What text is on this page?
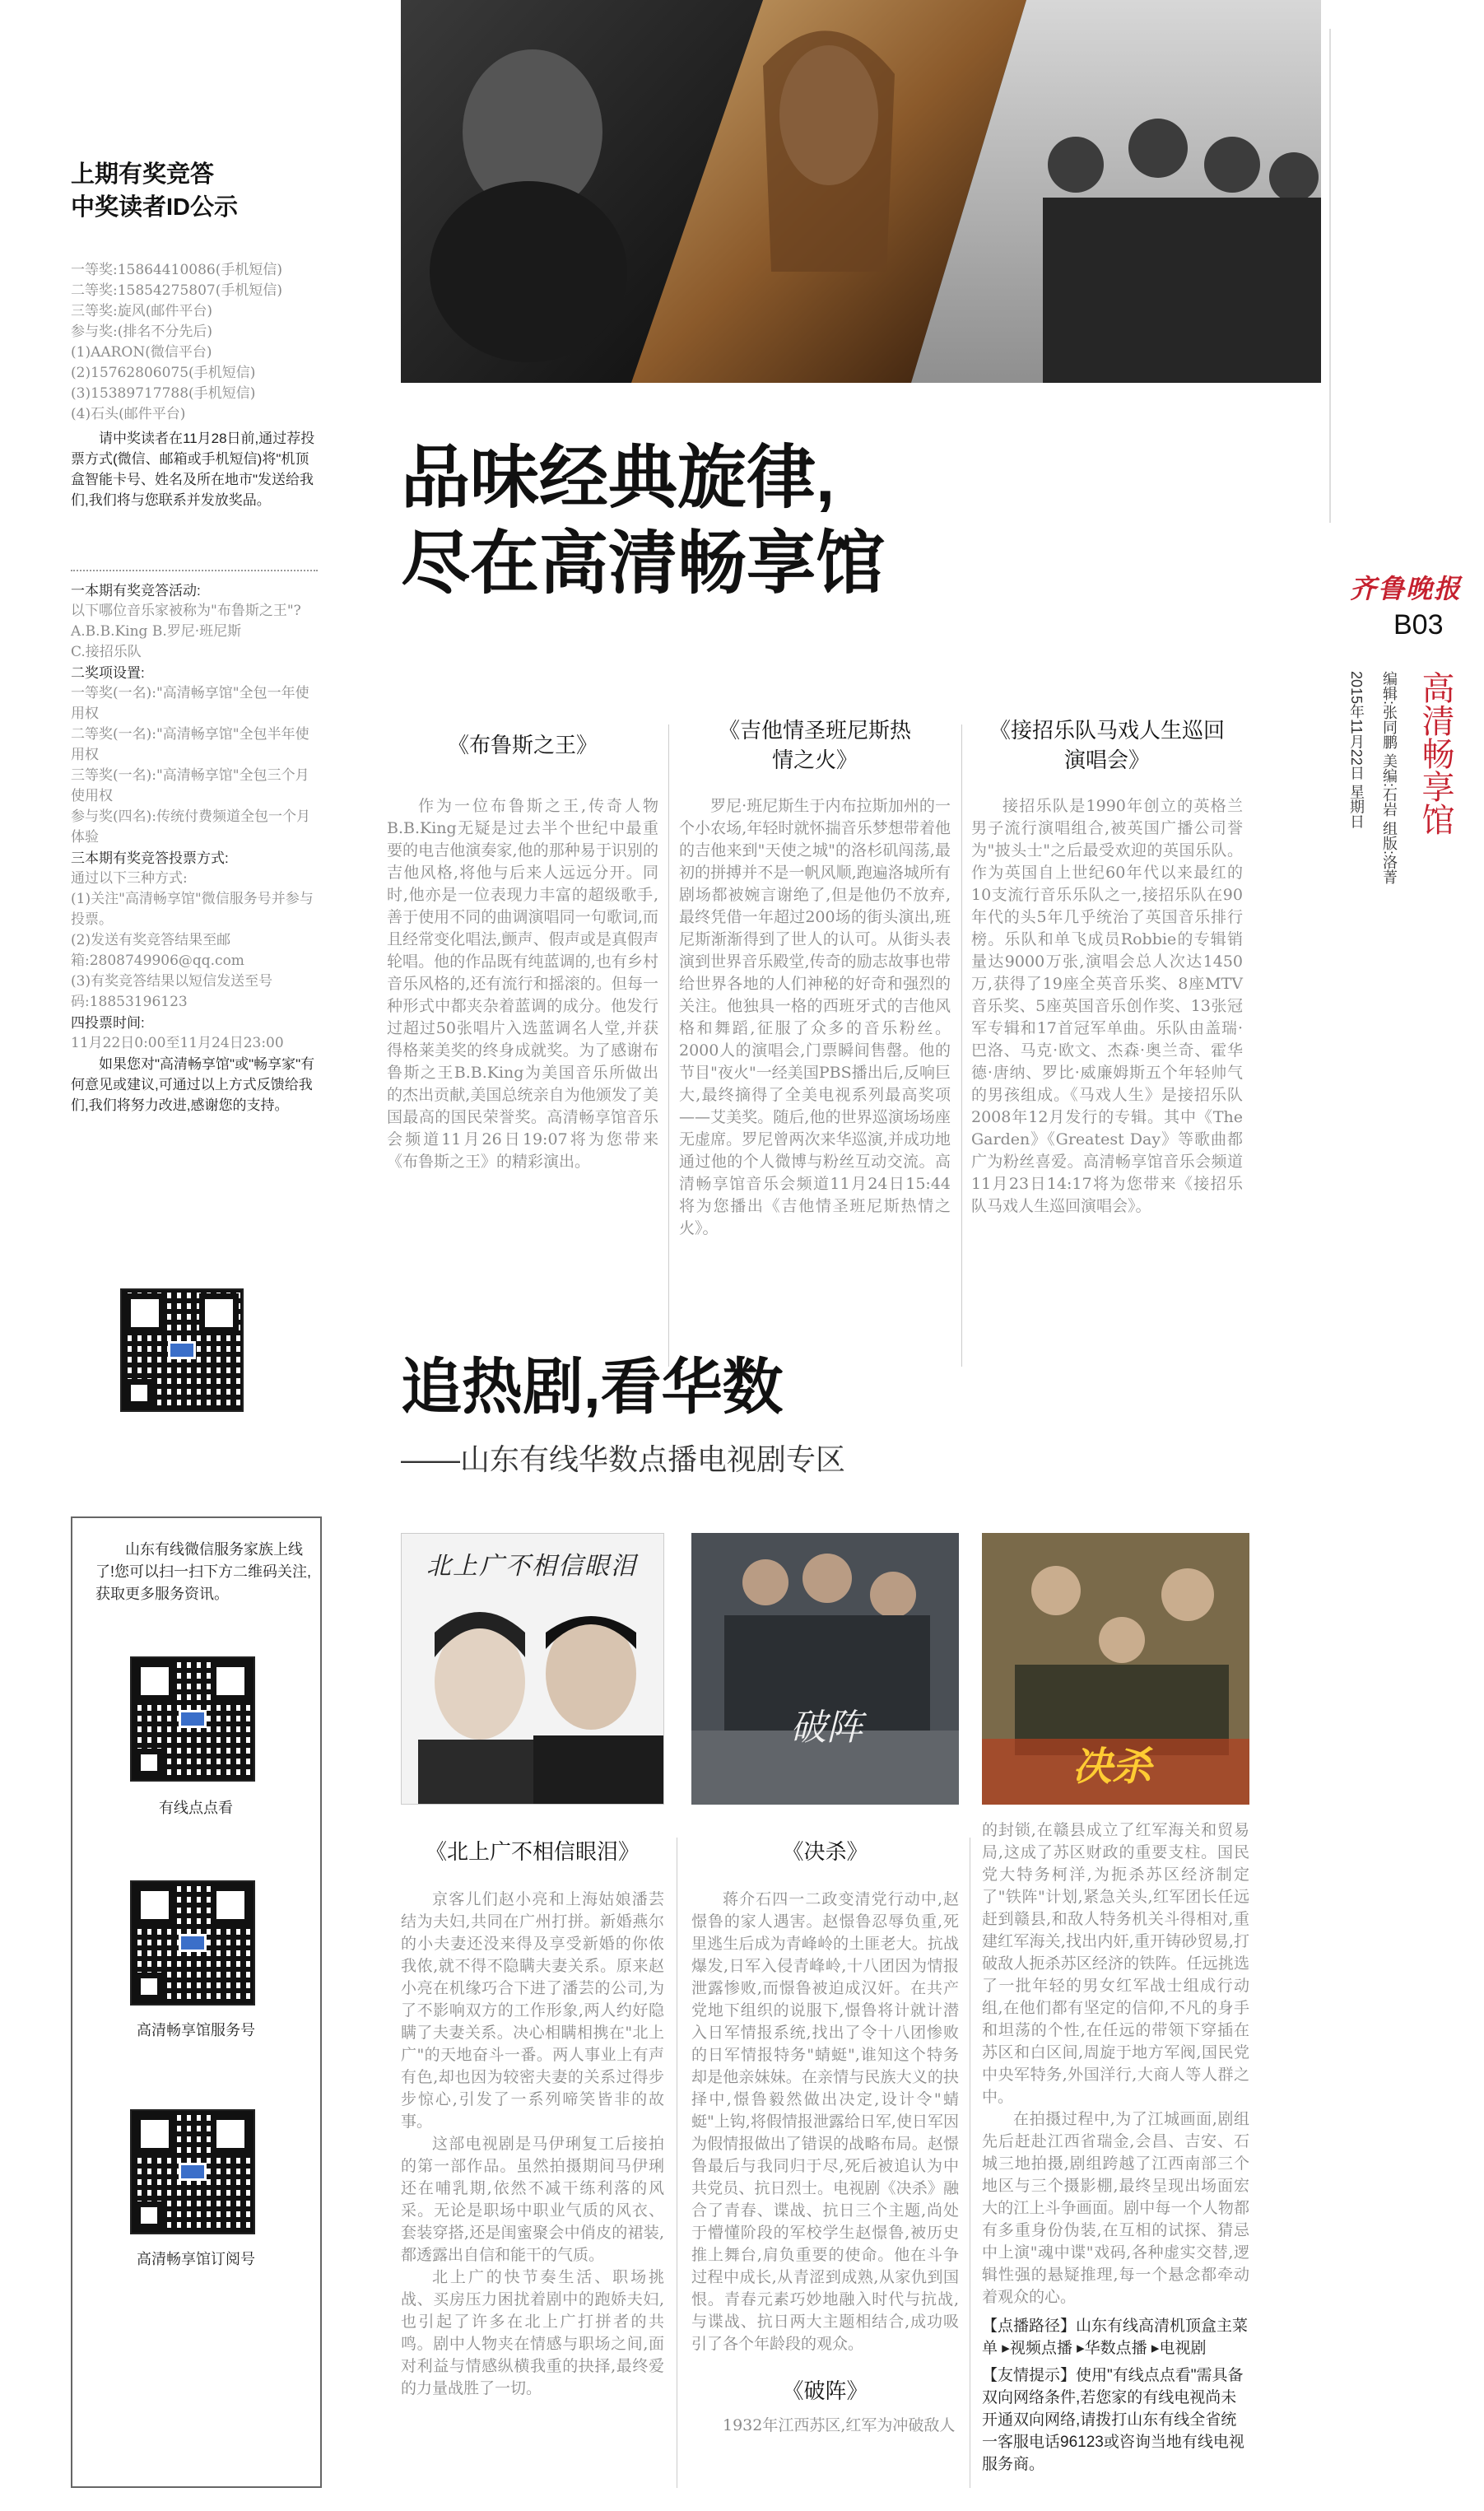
上期有奖竞答
中奖读者ID公示
一等奖:15864410086(手机短信)
二等奖:15854275807(手机短信)
三等奖:旋风(邮件平台)
参与奖:(排名不分先后)
(1)AARON(微信平台)
(2)15762806075(手机短信)
(3)15389717788(手机短信)
(4)石头(邮件平台)
请中奖读者在11月28日前,通过荐投票方式(微信、邮箱或手机短信)将"机顶盒智能卡号、姓名及所在地市"发送给我们,我们将与您联系并发放奖品。
一本期有奖竞答活动:
以下哪位音乐家被称为"布鲁斯之王"?
A.B.B.King B.罗尼·班尼斯
C.接招乐队
二奖项设置:
一等奖(一名):"高清畅享馆"全包一年使用权
二等奖(一名):"高清畅享馆"全包半年使用权
三等奖(一名):"高清畅享馆"全包三个月使用权
参与奖(四名):传统付费频道全包一个月体验
三本期有奖竞答投票方式:
通过以下三种方式:
(1)关注"高清畅享馆"微信服务号并参与投票。
(2)发送有奖竞答结果至邮箱:2808749906@qq.com
(3)有奖竞答结果以短信发送至号码:18853196123
四投票时间:
11月22日0:00至11月24日23:00
如果您对"高清畅享馆"或"畅享家"有何意见或建议,可通过以上方式反馈给我们,我们将努力改进,感谢您的支持。
山东有线微信服务家族上线了!您可以扫一扫下方二维码关注,获取更多服务资讯。
有线点点看
高清畅享馆服务号
高清畅享馆订阅号
齐鲁晚报
B03
高清畅享馆
2015年11月22日 星期日 编辑:张同鹏 美编:石岩 组版:洛菁
品味经典旋律,
尽在高清畅享馆
《布鲁斯之王》
作为一位布鲁斯之王,传奇人物B.B.King无疑是过去半个世纪中最重要的电吉他演奏家,他的那种易于识别的吉他风格,将他与后来人远远分开。同时,他亦是一位表现力丰富的超级歌手,善于使用不同的曲调演唱同一句歌词,而且经常变化唱法,颤声、假声或是真假声轮唱。他的作品既有纯蓝调的,也有乡村音乐风格的,还有流行和摇滚的。但每一种形式中都夹杂着蓝调的成分。他发行过超过50张唱片入选蓝调名人堂,并获得格莱美奖的终身成就奖。为了感谢布鲁斯之王B.B.King为美国音乐所做出的杰出贡献,美国总统亲自为他颁发了美国最高的国民荣誉奖。高清畅享馆音乐会频道11月26日19:07将为您带来《布鲁斯之王》的精彩演出。
《吉他情圣班尼斯热情之火》
罗尼·班尼斯生于内布拉斯加州的一个小农场,年轻时就怀揣音乐梦想带着他的吉他来到"天使之城"的洛杉矶闯荡,最初的拼搏并不是一帆风顺,跑遍洛城所有剧场都被婉言谢绝了,但是他仍不放弃,最终凭借一年超过200场的街头演出,班尼斯渐渐得到了世人的认可。从街头表演到世界音乐殿堂,传奇的励志故事也带给世界各地的人们神秘的好奇和强烈的关注。他独具一格的西班牙式的吉他风格和舞蹈,征服了众多的音乐粉丝。2000人的演唱会,门票瞬间售罄。他的节目"夜火"一经美国PBS播出后,反响巨大,最终摘得了全美电视系列最高奖项——艾美奖。随后,他的世界巡演场场座无虚席。罗尼曾两次来华巡演,并成功地通过他的个人微博与粉丝互动交流。高清畅享馆音乐会频道11月24日15:44将为您播出《吉他情圣班尼斯热情之火》。
《接招乐队马戏人生巡回演唱会》
接招乐队是1990年创立的英格兰男子流行演唱组合,被英国广播公司誉为"披头士"之后最受欢迎的英国乐队。作为英国自上世纪60年代以来最红的10支流行音乐乐队之一,接招乐队在90年代的头5年几乎统治了英国音乐排行榜。乐队和单飞成员Robbie的专辑销量达9000万张,演唱会总人次达1450万,获得了19座全英音乐奖、8座MTV音乐奖、5座英国音乐创作奖、13张冠军专辑和17首冠军单曲。乐队由盖瑞·巴洛、马克·欧文、杰森·奥兰奇、霍华德·唐纳、罗比·威廉姆斯五个年轻帅气的男孩组成。《马戏人生》是接招乐队2008年12月发行的专辑。其中《The Garden》《Greatest Day》等歌曲都广为粉丝喜爱。高清畅享馆音乐会频道11月23日14:17将为您带来《接招乐队马戏人生巡回演唱会》。
追热剧,看华数
——山东有线华数点播电视剧专区
北上广不相信眼泪
破阵
决杀
《北上广不相信眼泪》
京客儿们赵小亮和上海姑娘潘芸结为夫妇,共同在广州打拼。新婚燕尔的小夫妻还没来得及享受新婚的你侬我侬,就不得不隐瞒夫妻关系。原来赵小亮在机缘巧合下进了潘芸的公司,为了不影响双方的工作形象,两人约好隐瞒了夫妻关系。决心相瞒相携在"北上广"的天地奋斗一番。两人事业上有声有色,却也因为较密夫妻的关系过得步步惊心,引发了一系列啼笑皆非的故事。
这部电视剧是马伊琍复工后接拍的第一部作品。虽然拍摄期间马伊琍还在哺乳期,依然不减干练利落的风采。无论是职场中职业气质的风衣、套装穿搭,还是闺蜜聚会中俏皮的裙装,都透露出自信和能干的气质。
北上广的快节奏生活、职场挑战、买房压力困扰着剧中的跑娇夫妇,也引起了许多在北上广打拼者的共鸣。剧中人物夹在情感与职场之间,面对利益与情感纵横我重的抉择,最终爱的力量战胜了一切。
《决杀》
蒋介石四一二政变清党行动中,赵憬鲁的家人遇害。赵憬鲁忍辱负重,死里逃生后成为青峰岭的土匪老大。抗战爆发,日军入侵青峰岭,十八团因为情报泄露惨败,而憬鲁被迫成汉奸。在共产党地下组织的说服下,憬鲁将计就计潜入日军情报系统,找出了令十八团惨败的日军情报特务"蜻蜓",谁知这个特务却是他亲妹妹。在亲情与民族大义的抉择中,憬鲁毅然做出决定,设计令"蜻蜓"上钩,将假情报泄露给日军,使日军因为假情报做出了错误的战略布局。赵憬鲁最后与我同归于尽,死后被追认为中共党员、抗日烈士。电视剧《决杀》融合了青春、谍战、抗日三个主题,尚处于懵懂阶段的军校学生赵憬鲁,被历史推上舞台,肩负重要的使命。他在斗争过程中成长,从青涩到成熟,从家仇到国恨。青春元素巧妙地融入时代与抗战,与谍战、抗日两大主题相结合,成功吸引了各个年龄段的观众。
《破阵》
1932年江西苏区,红军为冲破敌人
的封锁,在赣县成立了红军海关和贸易局,这成了苏区财政的重要支柱。国民党大特务柯洋,为扼杀苏区经济制定了"铁阵"计划,紧急关头,红军团长任远赶到赣县,和敌人特务机关斗得相对,重建红军海关,找出内奸,重开铸砂贸易,打破敌人扼杀苏区经济的铁阵。任远挑选了一批年轻的男女红军战士组成行动组,在他们都有坚定的信仰,不凡的身手和坦荡的个性,在任远的带领下穿插在苏区和白区间,周旋于地方军阀,国民党中央军特务,外国洋行,大商人等人群之中。
在拍摄过程中,为了江城画面,剧组先后赶赴江西省瑞金,会昌、吉安、石城三地拍摄,剧组跨越了江西南部三个地区与三个摄影棚,最终呈现出场面宏大的江上斗争画面。剧中每一个人物都有多重身份伪装,在互相的试探、猜忌中上演"魂中谍"戏码,各种虚实交替,逻辑性强的悬疑推理,每一个悬念都牵动着观众的心。
【点播路径】山东有线高清机顶盒主菜单 ▸视频点播 ▸华数点播 ▸电视剧
【友情提示】使用"有线点点看"需具备双向网络条件,若您家的有线电视尚未开通双向网络,请拨打山东有线全省统一客服电话96123或咨询当地有线电视服务商。
